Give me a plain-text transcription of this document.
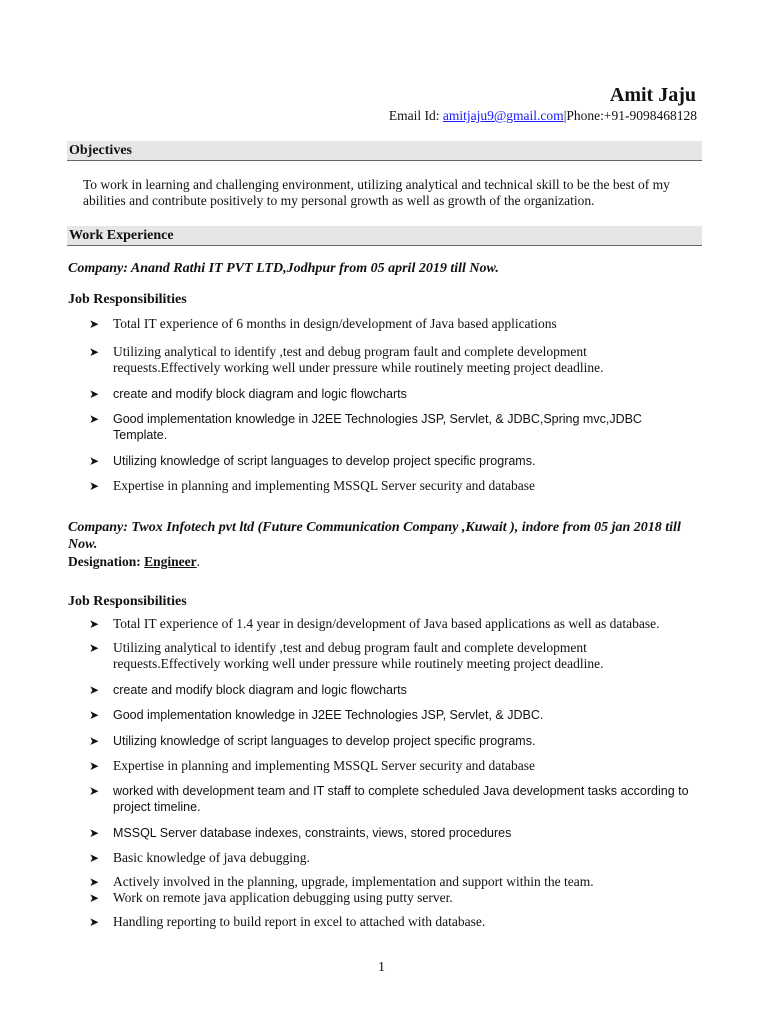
Amit Jaju
Email Id: amitjaju9@gmail.com|Phone:+91-9098468128
Objectives
To work in learning and challenging environment, utilizing analytical and technical skill to be the best of my abilities and contribute positively to my personal growth as well as growth of the organization.
Work Experience
Company: Anand Rathi IT PVT LTD,Jodhpur from 05 april 2019 till Now.
Job Responsibilities
➤ Total IT experience of 6 months in design/development of Java based applications
➤ Utilizing analytical to identify ,test and debug program fault and complete development requests.Effectively working well under pressure while routinely meeting project deadline.
➤ create and modify block diagram and logic flowcharts
➤ Good implementation knowledge in J2EE Technologies JSP, Servlet, & JDBC,Spring mvc,JDBC Template.
➤ Utilizing knowledge of script languages to develop project specific programs.
➤ Expertise in planning and implementing MSSQL Server security and database
Company: Twox Infotech pvt ltd (Future Communication Company ,Kuwait ), indore from 05 jan 2018 till Now.
Designation: Engineer.
Job Responsibilities
➤ Total IT experience of 1.4 year in design/development of Java based applications as well as database.
➤ Utilizing analytical to identify ,test and debug program fault and complete development requests.Effectively working well under pressure while routinely meeting project deadline.
➤ create and modify block diagram and logic flowcharts
➤ Good implementation knowledge in J2EE Technologies JSP, Servlet, & JDBC.
➤ Utilizing knowledge of script languages to develop project specific programs.
➤ Expertise in planning and implementing MSSQL Server security and database
➤ worked with development team and IT staff to complete scheduled Java development tasks according to project timeline.
➤ MSSQL Server database indexes, constraints, views, stored procedures
➤ Basic knowledge of java debugging.
➤ Actively involved in the planning, upgrade, implementation and support within the team.
➤ Work on remote java application debugging using putty server.
➤ Handling reporting to build report in excel to attached with database.
1
